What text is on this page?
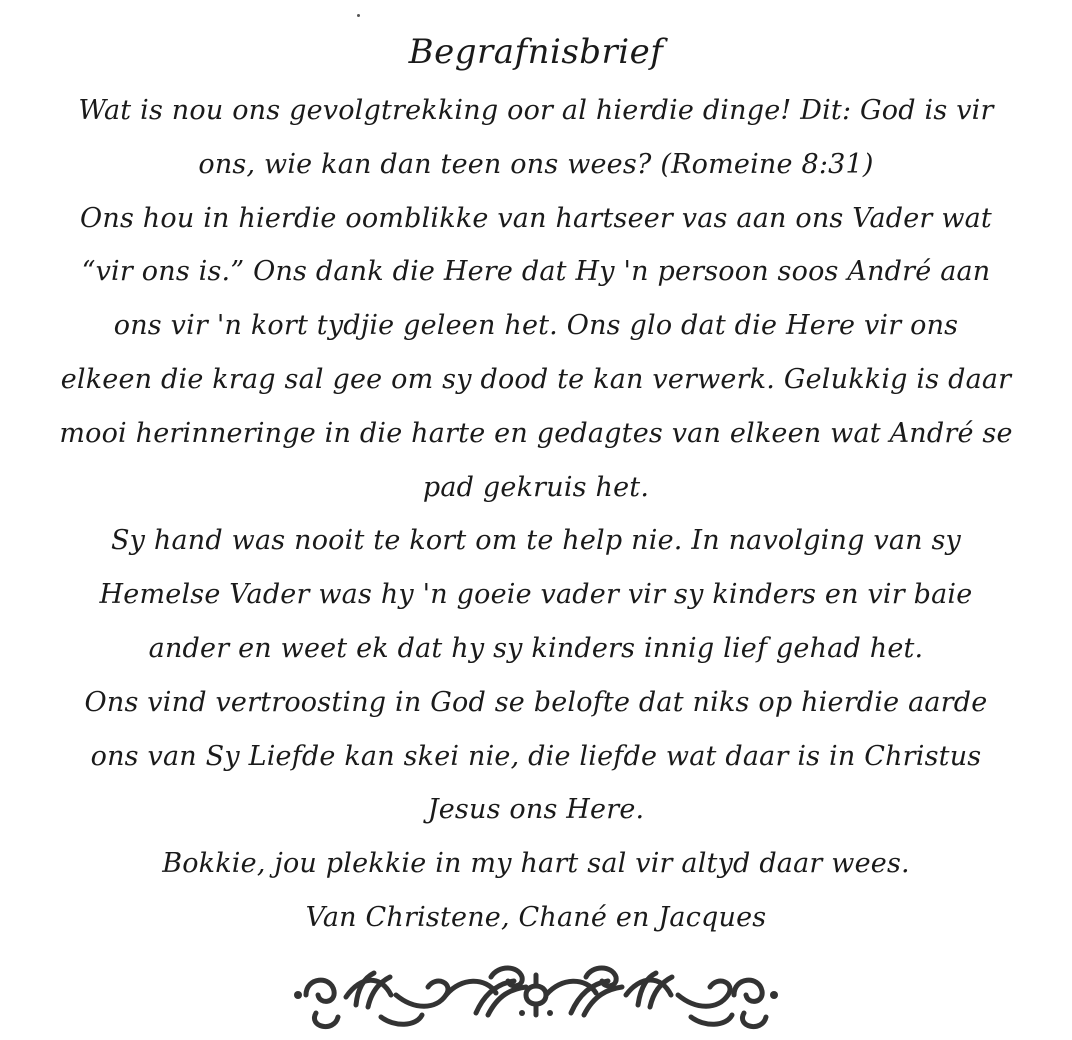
Begrafnisbrief
Wat is nou ons gevolgtrekking oor al hierdie dinge! Dit: God is vir
ons, wie kan dan teen ons wees? (Romeine 8:31)
Ons hou in hierdie oomblikke van hartseer vas aan ons Vader wat
“vir ons is.” Ons dank die Here dat Hy 'n persoon soos André aan
ons vir 'n kort tydjie geleen het. Ons glo dat die Here vir ons
elkeen die krag sal gee om sy dood te kan verwerk. Gelukkig is daar
mooi herinneringe in die harte en gedagtes van elkeen wat André se
pad gekruis het.
Sy hand was nooit te kort om te help nie. In navolging van sy
Hemelse Vader was hy 'n goeie vader vir sy kinders en vir baie
ander en weet ek dat hy sy kinders innig lief gehad het.
Ons vind vertroosting in God se belofte dat niks op hierdie aarde
ons van Sy Liefde kan skei nie, die liefde wat daar is in Christus
Jesus ons Here.
Bokkie, jou plekkie in my hart sal vir altyd daar wees.
Van Christene, Chané en Jacques
